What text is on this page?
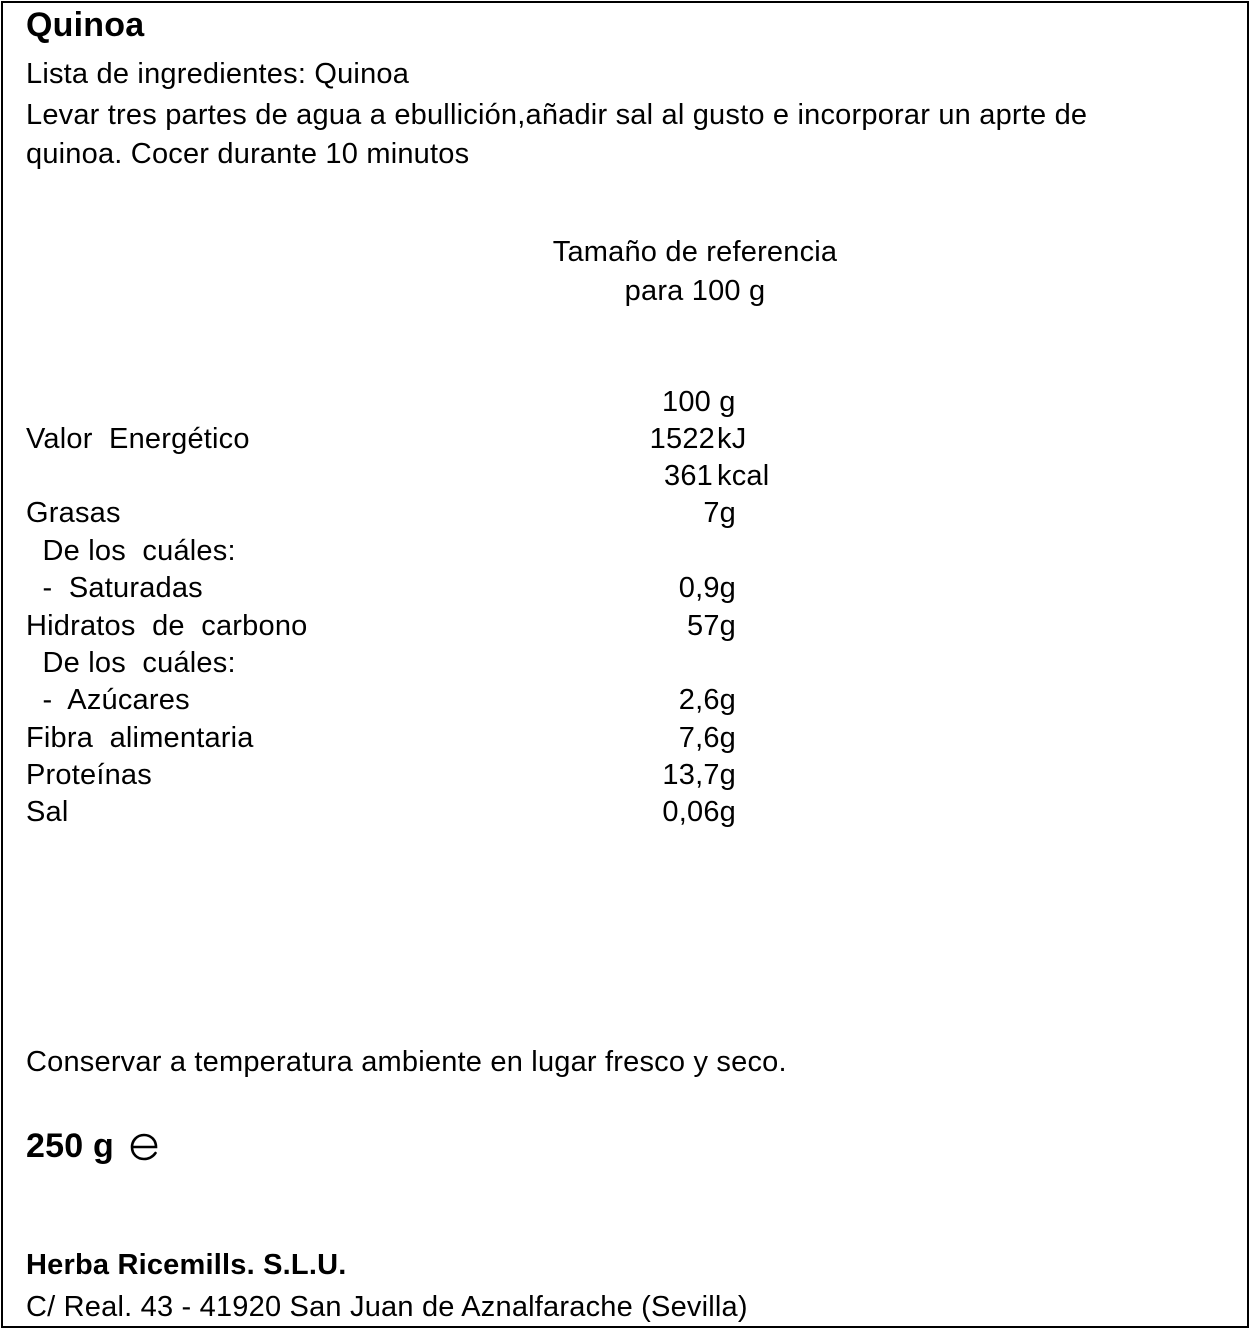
Quinoa
Lista de ingredientes: Quinoa
Levar tres partes de agua a ebullición,añadir sal al gusto e incorporar un aprte de
quinoa. Cocer durante 10 minutos
Tamaño de referencia
para 100 g
100 g
Valor  Energético	1522 kJ
361 kcal
Grasas	7g
De los  cuáles:
-  Saturadas	0,9g
Hidratos  de  carbono	57g
De los  cuáles:
-  Azúcares	2,6g
Fibra  alimentaria	7,6g
Proteínas	13,7g
Sal	0,06g
Conservar a temperatura ambiente en lugar fresco y seco.
250 g
Herba Ricemills. S.L.U.
C/ Real. 43 - 41920 San Juan de Aznalfarache (Sevilla)
